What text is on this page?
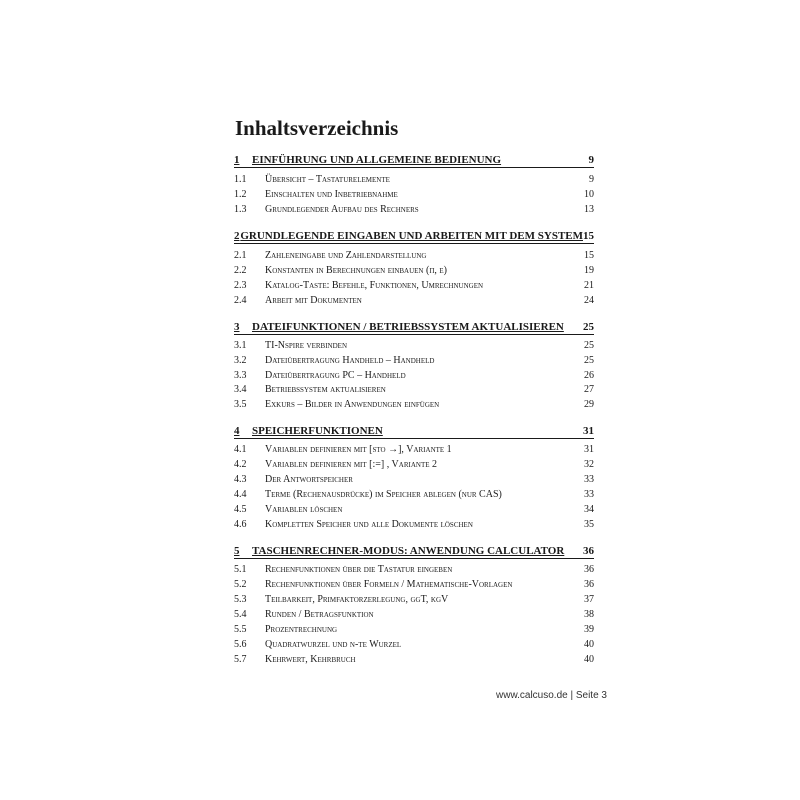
Inhaltsverzeichnis
1	EINFÜHRUNG UND ALLGEMEINE BEDIENUNG	9
1.1	Übersicht – Tastaturelemente	9
1.2	Einschalten und Inbetriebnahme	10
1.3	Grundlegender Aufbau des Rechners	13
2 GRUNDLEGENDE EINGABEN UND ARBEITEN MIT DEM SYSTEM 15
2.1	Zahleneingabe und Zahlendarstellung	15
2.2	Konstanten in Berechnungen einbauen (π, e)	19
2.3	Katalog-Taste: Befehle, Funktionen, Umrechnungen	21
2.4	Arbeit mit Dokumenten	24
3	DATEIFUNKTIONEN / BETRIEBSSYSTEM AKTUALISIEREN	25
3.1	TI-Nspire verbinden	25
3.2	Dateiübertragung Handheld – Handheld	25
3.3	Dateiübertragung PC – Handheld	26
3.4	Betriebssystem aktualisieren	27
3.5	Exkurs – Bilder in Anwendungen einfügen	29
4	SPEICHERFUNKTIONEN	31
4.1	Variablen definieren mit [sto →], Variante 1	31
4.2	Variablen definieren mit [:=] , Variante 2	32
4.3	Der Antwortspeicher	33
4.4	Terme (Rechenausdrücke) im Speicher ablegen (nur CAS)	33
4.5	Variablen löschen	34
4.6	Kompletten Speicher und alle Dokumente löschen	35
5	TASCHENRECHNER-MODUS: ANWENDUNG CALCULATOR	36
5.1	Rechenfunktionen über die Tastatur eingeben	36
5.2	Rechenfunktionen über Formeln / Mathematische-Vorlagen	36
5.3	Teilbarkeit, Primfaktorzerlegung, ggT, kgV	37
5.4	Runden / Betragsfunktion	38
5.5	Prozentrechnung	39
5.6	Quadratwurzel und n-te Wurzel	40
5.7	Kehrwert, Kehrbruch	40
www.calcuso.de | Seite 3
